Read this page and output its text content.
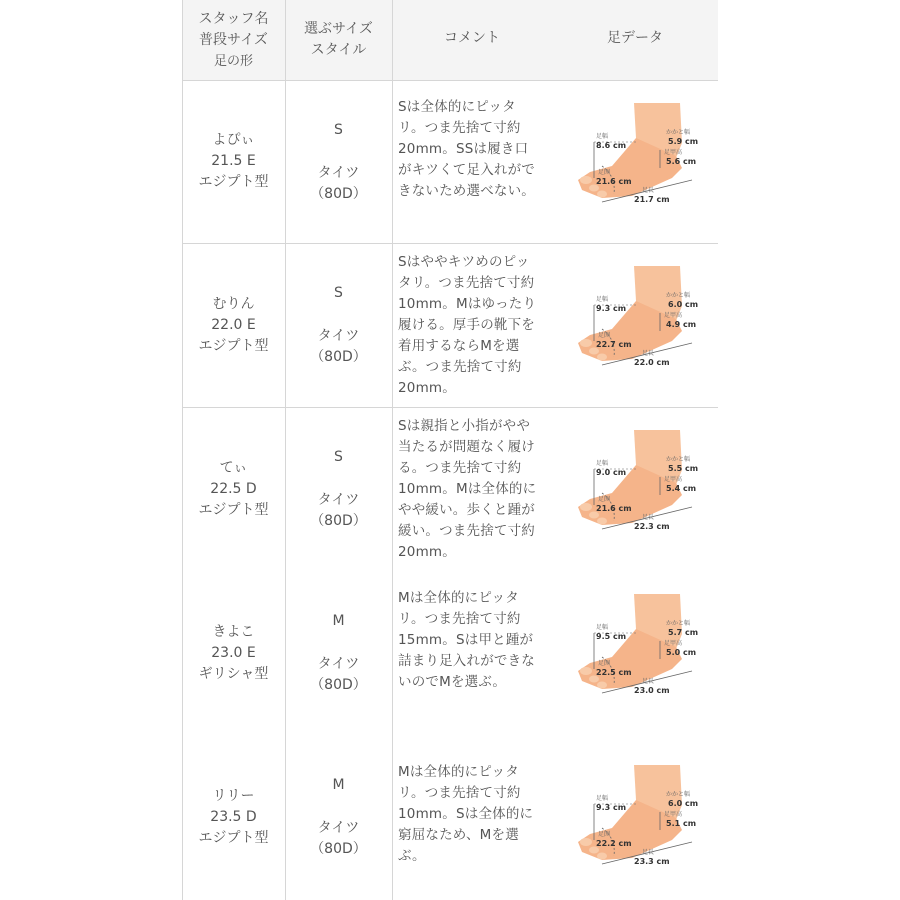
スタッフ名
普段サイズ
足の形
選ぶサイズ
スタイル
コメント	足データ
よぴぃ
21.5 E
エジプト型
S
タイツ
（80D）
Sは全体的にピッタリ。つま先捨て寸約20mm。SSは履き口がキツくて足入れができないため選べない。
足幅
8.6 cm
かかと幅
5.9 cm
足甲高
5.6 cm
足囲
21.6 cm
足長
21.7 cm
むりん
22.0 E
エジプト型
S
タイツ
（80D）
Sはややキツめのピッタリ。つま先捨て寸約10mm。Mはゆったり履ける。厚手の靴下を着用するならMを選ぶ。つま先捨て寸約20mm。
足幅
9.3 cm
かかと幅
6.0 cm
足甲高
4.9 cm
足囲
22.7 cm
足長
22.0 cm
てぃ
22.5 D
エジプト型
S
タイツ
（80D）
Sは親指と小指がやや当たるが問題なく履ける。つま先捨て寸約10mm。Mは全体的にやや緩い。歩くと踵が緩い。つま先捨て寸約20mm。
足幅
9.0 cm
かかと幅
5.5 cm
足甲高
5.4 cm
足囲
21.6 cm
足長
22.3 cm
きよこ
23.0 E
ギリシャ型
M
タイツ
（80D）
Mは全体的にピッタリ。つま先捨て寸約15mm。Sは甲と踵が詰まり足入れができないのでMを選ぶ。
足幅
9.5 cm
かかと幅
5.7 cm
足甲高
5.0 cm
足囲
22.5 cm
足長
23.0 cm
リリー
23.5 D
エジプト型
M
タイツ
（80D）
Mは全体的にピッタリ。つま先捨て寸約10mm。Sは全体的に窮屈なため、Mを選ぶ。
足幅
9.3 cm
かかと幅
6.0 cm
足甲高
5.1 cm
足囲
22.2 cm
足長
23.3 cm
